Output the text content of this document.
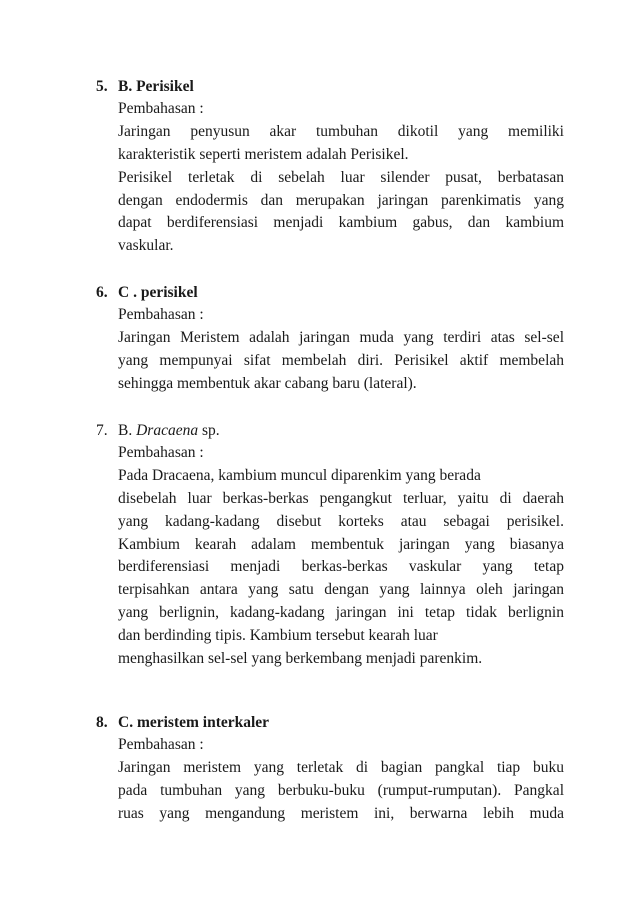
5. B. Perisikel
Pembahasan :
Jaringan penyusun akar tumbuhan dikotil yang memiliki
karakteristik seperti meristem adalah Perisikel.
Perisikel terletak di sebelah luar silender pusat, berbatasan
dengan endodermis dan merupakan jaringan parenkimatis yang
dapat berdiferensiasi menjadi kambium gabus, dan kambium
vaskular.
6. C . perisikel
Pembahasan :
Jaringan Meristem adalah jaringan muda yang terdiri atas sel-sel
yang mempunyai sifat membelah diri. Perisikel aktif membelah
sehingga membentuk akar cabang baru (lateral).
7. B. Dracaena sp.
Pembahasan :
Pada Dracaena, kambium muncul diparenkim yang berada
disebelah luar berkas-berkas pengangkut terluar, yaitu di daerah
yang kadang-kadang disebut korteks atau sebagai perisikel.
Kambium kearah adalam membentuk jaringan yang biasanya
berdiferensiasi menjadi berkas-berkas vaskular yang tetap
terpisahkan antara yang satu dengan yang lainnya oleh jaringan
yang berlignin, kadang-kadang jaringan ini tetap tidak berlignin
dan berdinding tipis. Kambium tersebut kearah luar
menghasilkan sel-sel yang berkembang menjadi parenkim.
8. C. meristem interkaler
Pembahasan :
Jaringan meristem yang terletak di bagian pangkal tiap buku
pada tumbuhan yang berbuku-buku (rumput-rumputan). Pangkal
ruas yang mengandung meristem ini, berwarna lebih muda
